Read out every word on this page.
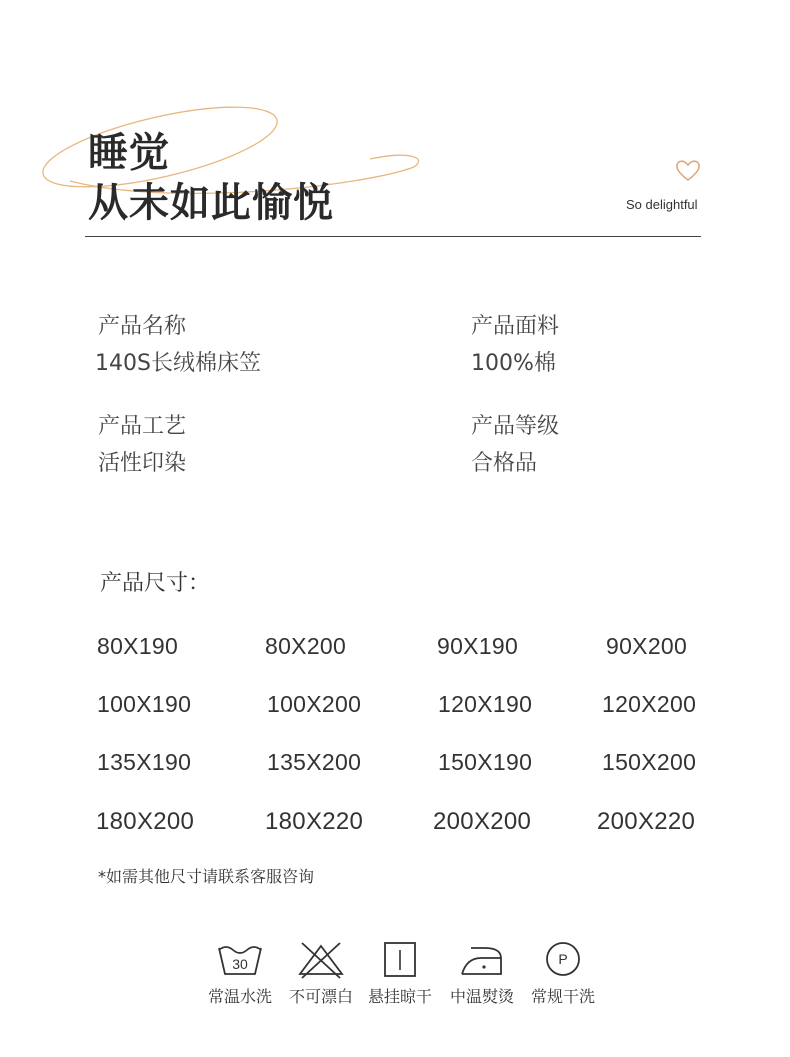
睡觉
从未如此愉悦	So delightful
产品名称
140S长绒棉床笠
产品面料
100%棉
产品工艺
活性印染
产品等级
合格品
产品尺寸：
80X190	80X200	90X190	90X200
100X190	100X200	120X190	120X200
135X190	135X200	150X190	150X200
180X200	180X220	200X200	200X220
*如需其他尺寸请联系客服咨询
30
常温水洗 不可漂白 悬挂晾干 中温熨烫
P
常规干洗
